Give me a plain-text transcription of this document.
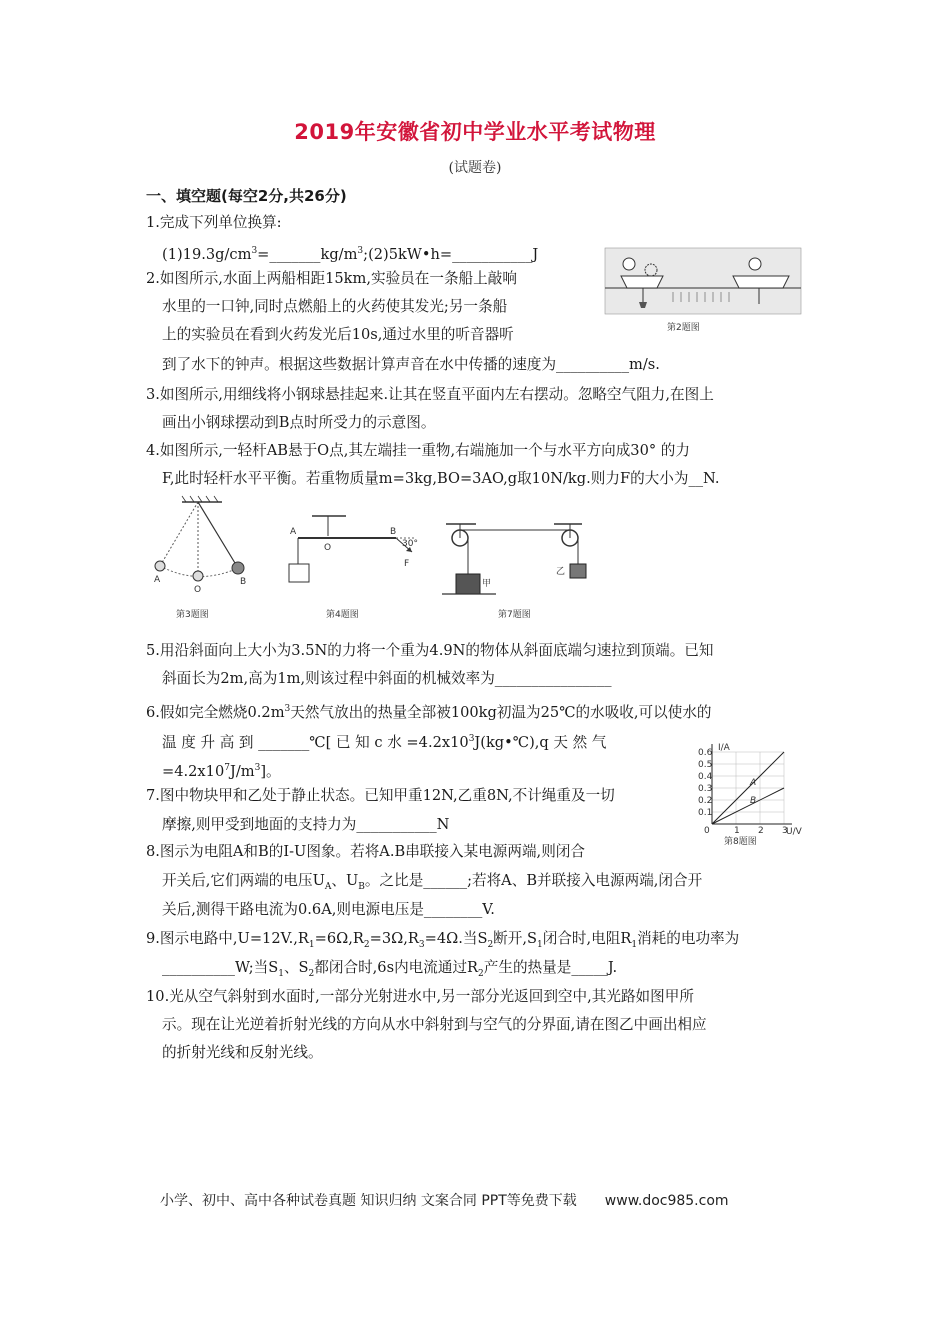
2019年安徽省初中学业水平考试物理
(试题卷)
一、填空题(每空2分,共26分)
1.完成下列单位换算:
$(1)19.3g/cm^3=\_\_\_\_\_\_\_kg/m^3;(2)5kW•h=\_\_\_\_\_\_\_\_\_\_\_J$
2.如图所示,水面上两船相距15km,实验员在一条船上敲响
水里的一口钟,同时点燃船上的火药使其发光;另一条船
上的实验员在看到火药发光后10s,通过水里的听音器听
到了水下的钟声。根据这些数据计算声音在水中传播的速度为__________m/s.
第2题图
3.如图所示,用细线将小钢球悬挂起来.让其在竖直平面内左右摆动。忽略空气阻力,在图上
画出小钢球摆动到B点时所受力的示意图。
4.如图所示,一轻杆AB悬于O点,其左端挂一重物,右端施加一个与水平方向成30° 的力
F,此时轻杆水平平衡。若重物质量m=3kg,BO=3AO,g取10N/kg.则力F的大小为__N.
A
O
B
第3题图
A
O
B
30°
F
第4题图
甲
乙
第7题图
5.用沿斜面向上大小为3.5N的力将一个重为4.9N的物体从斜面底端匀速拉到顶端。已知
斜面长为2m,高为1m,则该过程中斜面的机械效率为________________
6.假如完全燃烧$0.2m^3$天然气放出的热量全部被100kg初温为25℃的水吸收,可以使水的
温 度 升 高 到 _______℃[ 已 知 c 水 $=4.2x10^3J(kg•℃),q$ 天 然 气
$=4.2x10^7J/m^3$]。
7.图中物块甲和乙处于静止状态。已知甲重12N,乙重8N,不计绳重及一切
摩擦,则甲受到地面的支持力为___________N
I/A
U/V
第8题图
0.1
0.2
0.3
0.4
0.5
0.6
1 2 3
0
A
B
8.图示为电阻A和B的I-U图象。若将A.B串联接入某电源两端,则闭合
开关后,它们两端的电压$U_A$、$U_B$。之比是______;若将A、B并联接入电源两端,闭合开
关后,测得干路电流为0.6A,则电源电压是________V.
9.图示电路中$,U=12V.,R_1=6\Omega,R_2=3\Omega,R_3=4\Omega$.当$S_2$断开$,S_1$闭合时,电阻$R_1$消耗的电功率为
__________W;当$S_1$、$S_2$都闭合时,6s内电流通过$R_2$产生的热量是_____J.
10.光从空气斜射到水面时,一部分光射进水中,另一部分光返回到空中,其光路如图甲所
示。现在让光逆着折射光线的方向从水中斜射到与空气的分界面,请在图乙中画出相应
的折射光线和反射光线。
小学、初中、高中各种试卷真题 知识归纳 文案合同 PPT等免费下载 www.doc985.com
